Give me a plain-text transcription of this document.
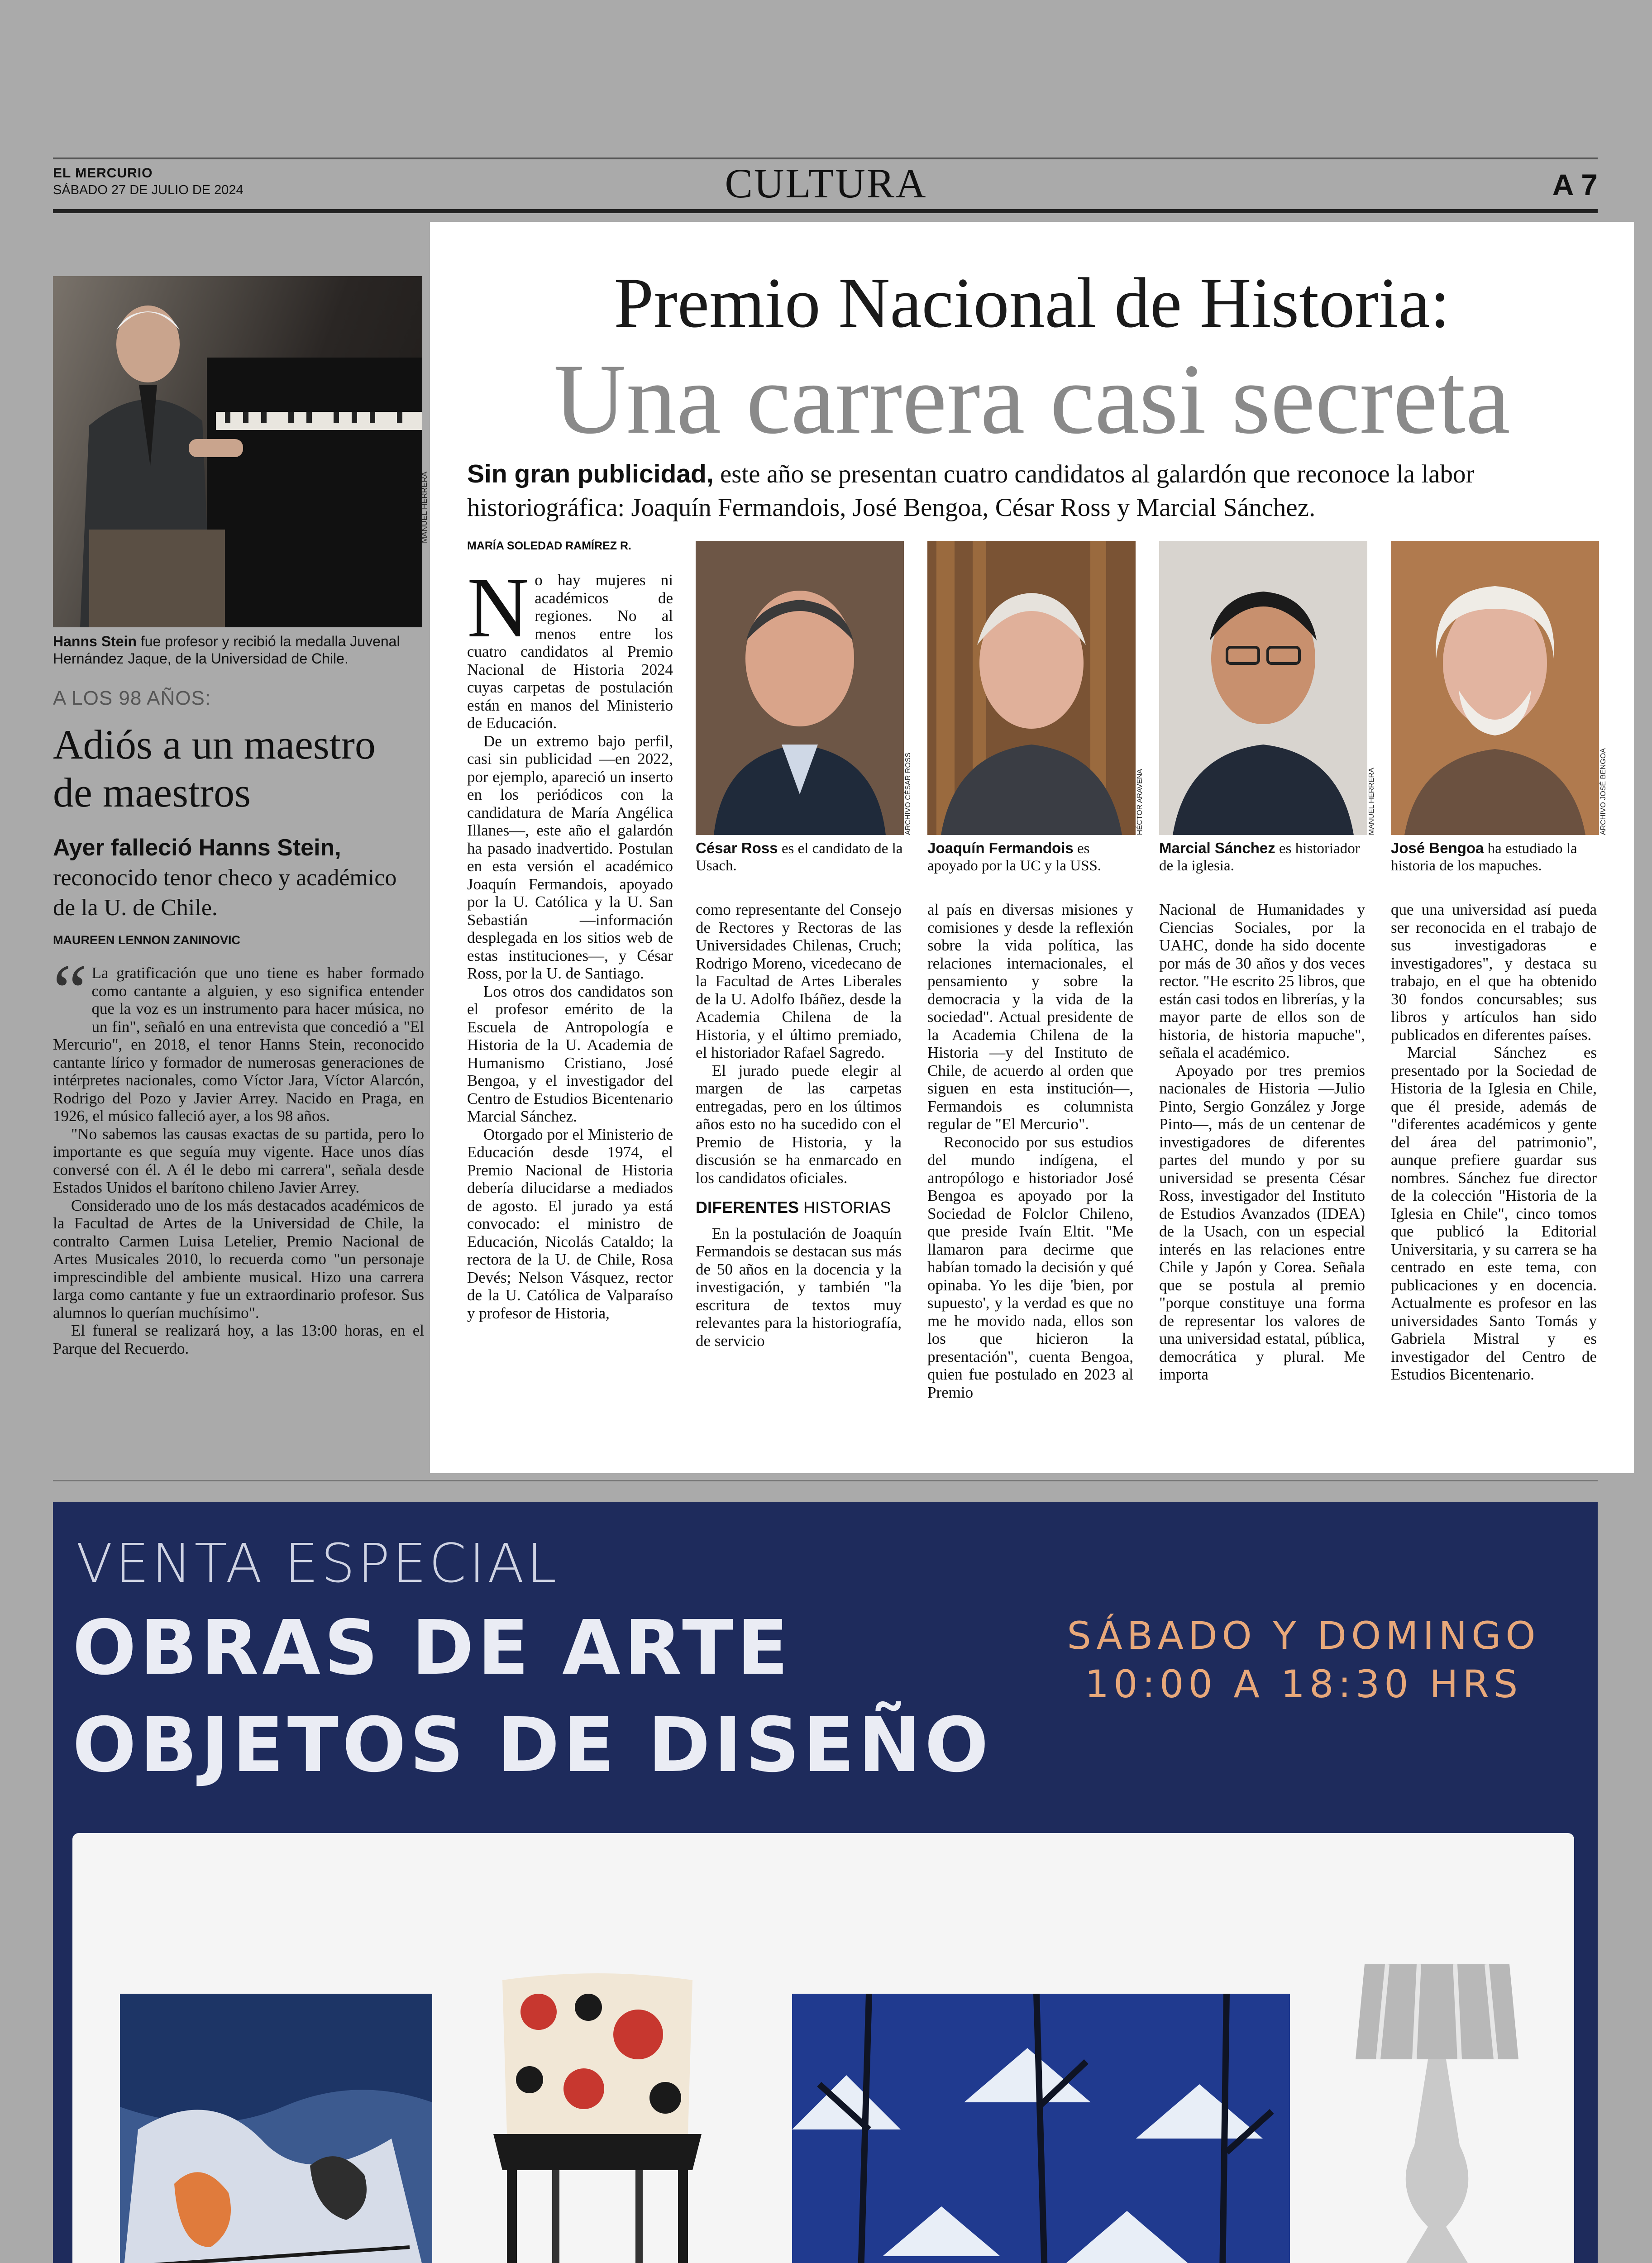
EL MERCURIO
SÁBADO 27 DE JULIO DE 2024	CULTURA	A 7
MANUEL HERRERA
Hanns Stein fue profesor y recibió la medalla Juvenal Hernández Jaque, de la Universidad de Chile.
A LOS 98 AÑOS:
Adiós a un maestro de maestros
Ayer falleció Hanns Stein, reconocido tenor checo y académico de la U. de Chile.
MAUREEN LENNON ZANINOVIC

“ La gratificación que uno tiene es haber formado como cantante a alguien, y eso significa entender que la voz es un instrumento para hacer música, no un fin", señaló en una entrevista que concedió a "El Mercurio", en 2018, el tenor Hanns Stein, reconocido cantante lírico y formador de numerosas generaciones de intérpretes nacionales, como Víctor Jara, Víctor Alarcón, Rodrigo del Pozo y Javier Arrey. Nacido en Praga, en 1926, el músico falleció ayer, a los 98 años.

"No sabemos las causas exactas de su partida, pero lo importante es que seguía muy vigente. Hace unos días conversé con él. A él le debo mi carrera", señala desde Estados Unidos el barítono chileno Javier Arrey.

Considerado uno de los más destacados académicos de la Facultad de Artes de la Universidad de Chile, la contralto Carmen Luisa Letelier, Premio Nacional de Artes Musicales 2010, lo recuerda como "un personaje imprescindible del ambiente musical. Hizo una carrera larga como cantante y fue un extraordinario profesor. Sus alumnos lo querían muchísimo".

El funeral se realizará hoy, a las 13:00 horas, en el Parque del Recuerdo.

Premio Nacional de Historia:
Una carrera casi secreta
Sin gran publicidad, este año se presentan cuatro candidatos al galardón que reconoce la labor historiográfica: Joaquín Fermandois, José Bengoa, César Ross y Marcial Sánchez.
MARÍA SOLEDAD RAMÍREZ R.

No hay mujeres ni académicos de regiones. No al menos entre los cuatro candidatos al Premio Nacional de Historia 2024 cuyas carpetas de postulación están en manos del Ministerio de Educación.

De un extremo bajo perfil, casi sin publicidad —en 2022, por ejemplo, apareció un inserto en los periódicos con la candidatura de María Angélica Illanes—, este año el galardón ha pasado inadvertido. Postulan en esta versión el académico Joaquín Fermandois, apoyado por la U. Católica y la U. San Sebastián —información desplegada en los sitios web de estas instituciones—, y César Ross, por la U. de Santiago.

Los otros dos candidatos son el profesor emérito de la Escuela de Antropología e Historia de la U. Academia de Humanismo Cristiano, José Bengoa, y el investigador del Centro de Estudios Bicentenario Marcial Sánchez.

Otorgado por el Ministerio de Educación desde 1974, el Premio Nacional de Historia debería dilucidarse a mediados de agosto. El jurado ya está convocado: el ministro de Educación, Nicolás Cataldo; la rectora de la U. de Chile, Rosa Devés; Nelson Vásquez, rector de la U. Católica de Valparaíso y profesor de Historia,

ARCHIVO CÉSAR ROSS	HÉCTOR ARAVENA	MANUEL HERRERA	ARCHIVO JOSÉ BENGOA
César Ross es el candidato de la Usach.
Joaquín Fermandois es apoyado por la UC y la USS.
Marcial Sánchez es historiador de la iglesia.
José Bengoa ha estudiado la historia de los mapuches.

como representante del Consejo de Rectores y Rectoras de las Universidades Chilenas, Cruch; Rodrigo Moreno, vicedecano de la Facultad de Artes Liberales de la U. Adolfo Ibáñez, desde la Academia Chilena de la Historia, y el último premiado, el historiador Rafael Sagredo.

El jurado puede elegir al margen de las carpetas entregadas, pero en los últimos años esto no ha sucedido con el Premio de Historia, y la discusión se ha enmarcado en los candidatos oficiales.

DIFERENTES HISTORIAS

En la postulación de Joaquín Fermandois se destacan sus más de 50 años en la docencia y la investigación, y también "la escritura de textos muy relevantes para la historiografía, de servicio

al país en diversas misiones y comisiones y desde la reflexión sobre la vida política, las relaciones internacionales, el pensamiento y sobre la democracia y la vida de la sociedad". Actual presidente de la Academia Chilena de la Historia —y del Instituto de Chile, de acuerdo al orden que siguen en esta institución—, Fermandois es columnista regular de "El Mercurio".

Reconocido por sus estudios del mundo indígena, el antropólogo e historiador José Bengoa es apoyado por la Sociedad de Folclor Chileno, que preside Ivaín Eltit. "Me llamaron para decirme que habían tomado la decisión y qué opinaba. Yo les dije 'bien, por supuesto', y la verdad es que no me he movido nada, ellos son los que hicieron la presentación", cuenta Bengoa, quien fue postulado en 2023 al Premio

Nacional de Humanidades y Ciencias Sociales, por la UAHC, donde ha sido docente por más de 30 años y dos veces rector. "He escrito 25 libros, que están casi todos en librerías, y la mayor parte de ellos son de historia, de historia mapuche", señala el académico.

Apoyado por tres premios nacionales de Historia —Julio Pinto, Sergio González y Jorge Pinto—, más de un centenar de investigadores de diferentes partes del mundo y por su universidad se presenta César Ross, investigador del Instituto de Estudios Avanzados (IDEA) de la Usach, con un especial interés en las relaciones entre Chile y Japón y Corea. Señala que se postula al premio "porque constituye una forma de representar los valores de una universidad estatal, pública, democrática y plural. Me importa

que una universidad así pueda ser reconocida en el trabajo de sus investigadoras e investigadores", y destaca su trabajo, en el que ha obtenido 30 fondos concursables; sus libros y artículos han sido publicados en diferentes países.

Marcial Sánchez es presentado por la Sociedad de Historia de la Iglesia en Chile, que él preside, además de "diferentes académicos y gente del área del patrimonio", aunque prefiere guardar sus nombres. Sánchez fue director de la colección "Historia de la Iglesia en Chile", cinco tomos que publicó la Editorial Universitaria, y su carrera se ha centrado en este tema, con publicaciones y en docencia. Actualmente es profesor en las universidades Santo Tomás y Gabriela Mistral y es investigador del Centro de Estudios Bicentenario.

VENTA ESPECIAL
OBRAS DE ARTE
OBJETOS DE DISEÑO
SÁBADO Y DOMINGO
10:00 A 18:30 HRS
